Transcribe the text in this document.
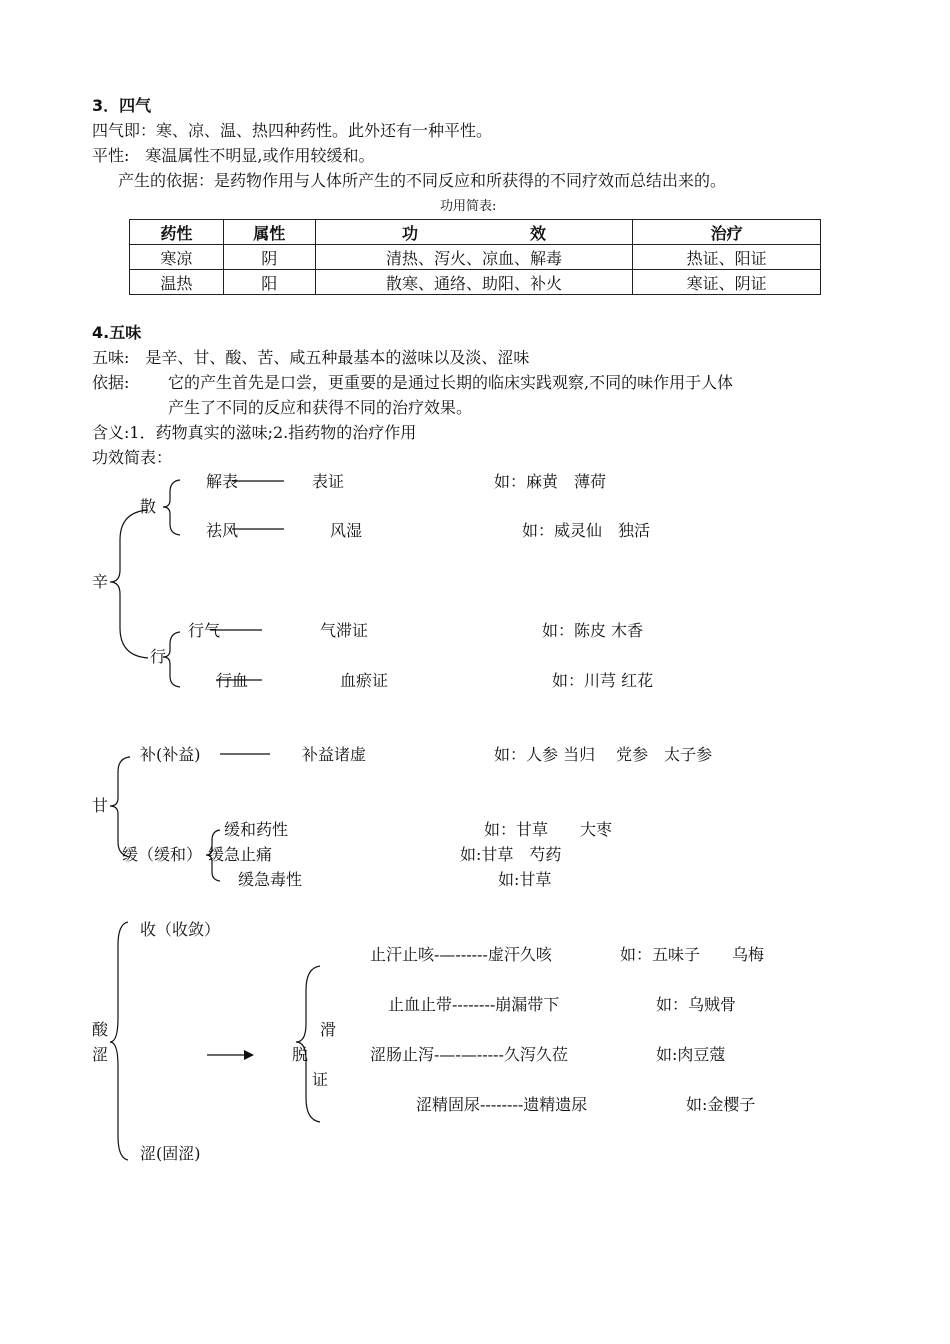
3．四气
四气即：寒、凉、温、热四种药性。此外还有一种平性。
平性:　寒温属性不明显,或作用较缓和。
产生的依据：是药物作用与人体所产生的不同反应和所获得的不同疗效而总结出来的。
功用简表:
药性	属性	功　　　　　　　效	治疗
寒凉	阴	清热、泻火、凉血、解毒	热证、阳证
温热	阳	散寒、通络、助阳、补火	寒证、阴证
4.五味
五味:　是辛、甘、酸、苦、咸五种最基本的滋味以及淡、涩味
依据: 它的产生首先是口尝，更重要的是通过长期的临床实践观察,不同的味作用于人体
产生了不同的反应和获得不同的治疗效果。
含义:1．药物真实的滋味;2.指药物的治疗作用
功效简表：
辛
散
行
解表	表证	如：麻黄　薄荷
祛风	风湿	如：威灵仙　独活
行气	气滞证	如：陈皮 木香
行血	血瘀证	如：川芎 红花
甘
补(补益)	补益诸虚	如：人参 当归　 党参　太子参
缓（缓和）
缓和药性	如：甘草　　大枣
缓急止痛	如:甘草　芍药
缓急毒性	如:甘草
酸
涩
收（收敛）
涩(固涩)
滑
脱
证
止汗止咳-—------虚汗久咳	如：五味子　　乌梅
止血止带--------崩漏带下	如：乌贼骨
涩肠止泻-—-—-----久泻久莅	如:肉豆蔻
涩精固尿--------遗精遗尿	如:金樱子
